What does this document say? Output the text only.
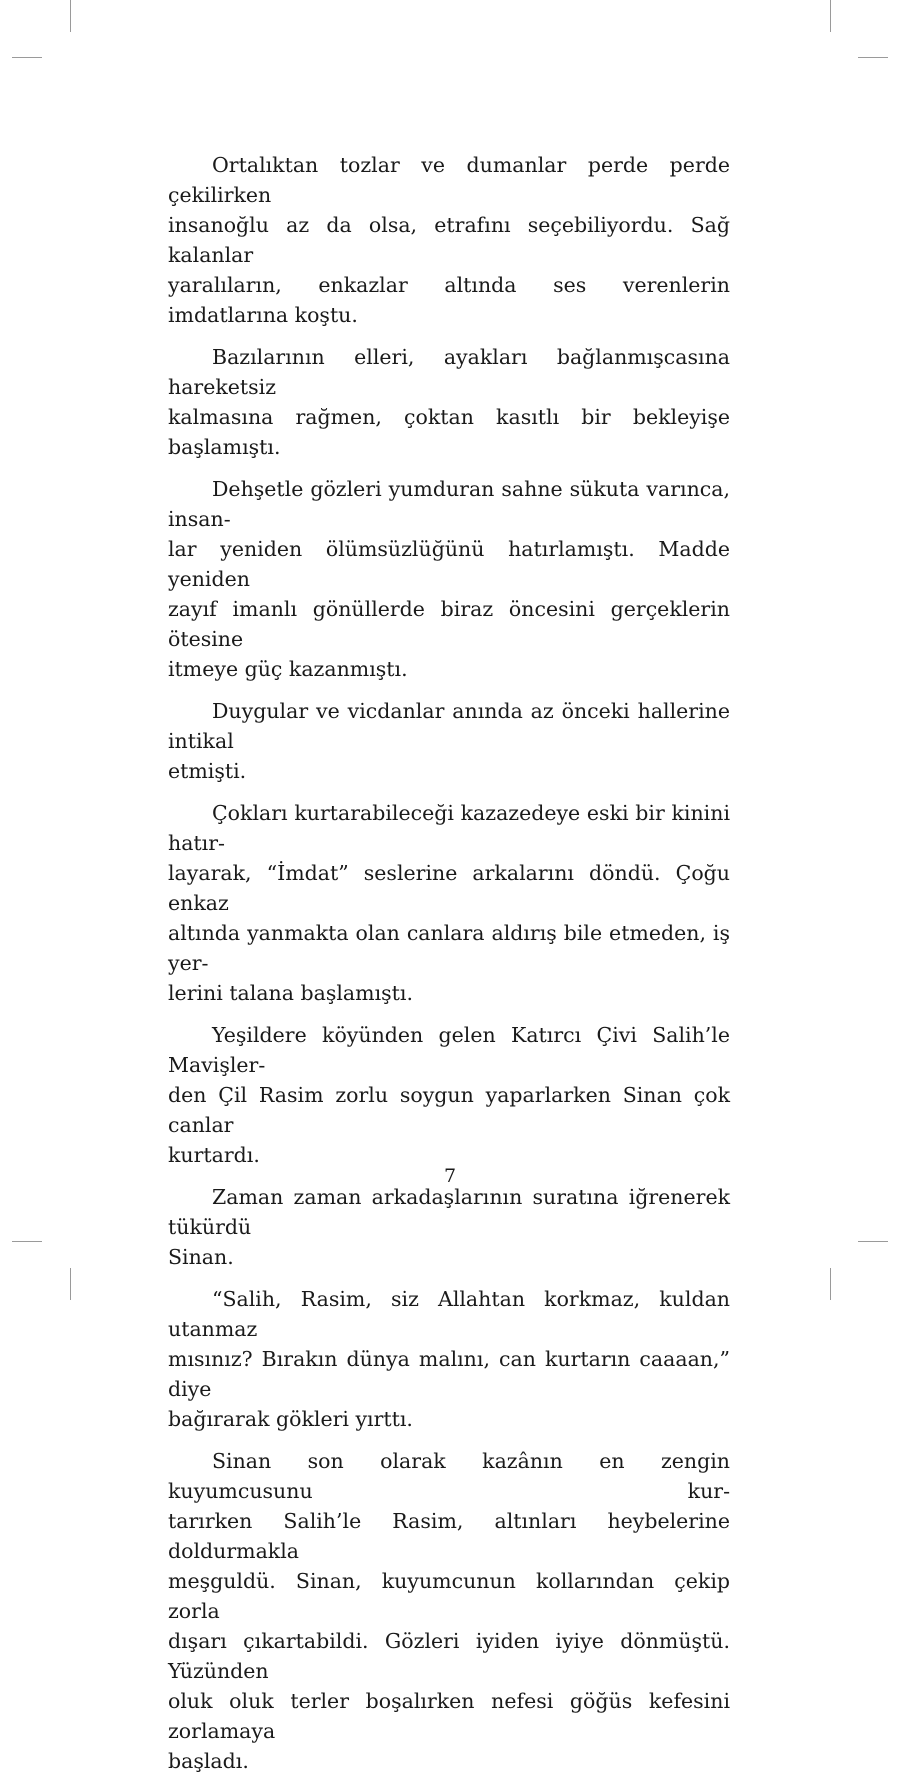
Ortalıktan tozlar ve dumanlar perde perde çekilirken
insanoğlu az da olsa, etrafını seçebiliyordu. Sağ kalanlar
yaralıların, enkazlar altında ses verenlerin imdatlarına koştu.

Bazılarının elleri, ayakları bağlanmışcasına hareketsiz
kalmasına rağmen, çoktan kasıtlı bir bekleyişe başlamıştı.

Dehşetle gözleri yumduran sahne sükuta varınca, insan-
lar yeniden ölümsüzlüğünü hatırlamıştı. Madde yeniden
zayıf imanlı gönüllerde biraz öncesini gerçeklerin ötesine
itmeye güç kazanmıştı.

Duygular ve vicdanlar anında az önceki hallerine intikal
etmişti.

Çokları kurtarabileceği kazazedeye eski bir kinini hatır-
layarak, “İmdat” seslerine arkalarını döndü. Çoğu enkaz
altında yanmakta olan canlara aldırış bile etmeden, iş yer-
lerini talana başlamıştı.

Yeşildere köyünden gelen Katırcı Çivi Salih’le Mavişler-
den Çil Rasim zorlu soygun yaparlarken Sinan çok canlar
kurtardı.

Zaman zaman arkadaşlarının suratına iğrenerek tükürdü
Sinan.

“Salih, Rasim, siz Allahtan korkmaz, kuldan utanmaz
mısınız? Bırakın dünya malını, can kurtarın caaaan,” diye
bağırarak gökleri yırttı.

Sinan son olarak kazânın en zengin kuyumcusunu kur-
tarırken Salih’le Rasim, altınları heybelerine doldurmakla
meşguldü. Sinan, kuyumcunun kollarından çekip zorla
dışarı çıkartabildi. Gözleri iyiden iyiye dönmüştü. Yüzünden
oluk oluk terler boşalırken nefesi göğüs kefesini zorlamaya
başladı.

7
